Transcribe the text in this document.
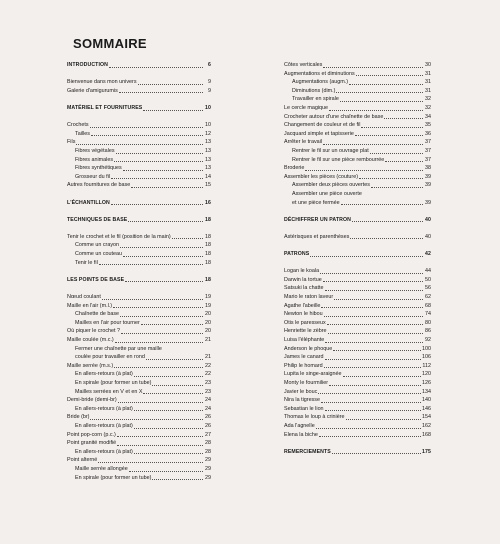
SOMMAIRE
INTRODUCTION	6
Bienvenue dans mon univers	9
Galerie d'amigurumis	9
MATÉRIEL ET FOURNITURES	10
Crochets	10
Tailles	12
Fils	13
Fibres végétales	13
Fibres animales	13
Fibres synthétiques	13
Grosseur du fil	14
Autres fournitures de base	15
L'ÉCHANTILLON	16
TECHNIQUES DE BASE	18
Tenir le crochet et le fil (position de la main)	18
Comme un crayon	18
Comme un couteau	18
Tenir le fil	18
LES POINTS DE BASE	18
Nœud coulant	19
Maille en l'air (m.l.)	19
Chaînette de base	20
Mailles en l'air pour tourner	20
Où piquer le crochet ?	20
Maille coulée (m.c.)	21
Fermer une chaînette par une maille
coulée pour travailler en rond	21
Maille serrée (m.s.)	22
En allers-retours (à plat)	22
En spirale (pour former un tube)	23
Mailles serrées en V et en X	23
Demi-bride (demi-br)	24
En allers-retours (à plat)	24
Bride (br)	26
En allers-retours (à plat)	26
Point pop-corn (p.c.)	27
Point granité modifié	28
En allers-retours (à plat)	28
Point alterné	29
Maille serrée allongée	29
En spirale (pour former un tube)	29
Côtes verticales	30
Augmentations et diminutions	31
Augmentations (augm.)	31
Diminutions (dim.)	31
Travailler en spirale	32
Le cercle magique	32
Crocheter autour d'une chaînette de base	34
Changement de couleur et de fil	35
Jacquard simple et tapisserie	36
Arrêter le travail	37
Rentrer le fil sur un ouvrage plat	37
Rentrer le fil sur une pièce rembourrée	37
Broderie	38
Assembler les pièces (couture)	39
Assembler deux pièces ouvertes	39
Assembler une pièce ouverte
et une pièce fermée	39
DÉCHIFFRER UN PATRON	40
Astérisques et parenthèses	40
PATRONS	42
Logan le koala	44
Darwin la tortue	50
Satsuki la chatte	56
Mario le raton laveur	62
Agathe l'abeille	68
Newton le hibou	74
Otis le paresseux	80
Henriette le zèbre	86
Luisa l'éléphante	92
Anderson le phoque	100
James le canard	106
Philip le homard	112
Lupita le singe-araignée	120
Monty le fourmilier	126
Javier le bouc	134
Nira la tigresse	140
Sebastian le lion	146
Thomas le loup à crinière	154
Ada l'agnelle	162
Elena la biche	168
REMERCIEMENTS	175
